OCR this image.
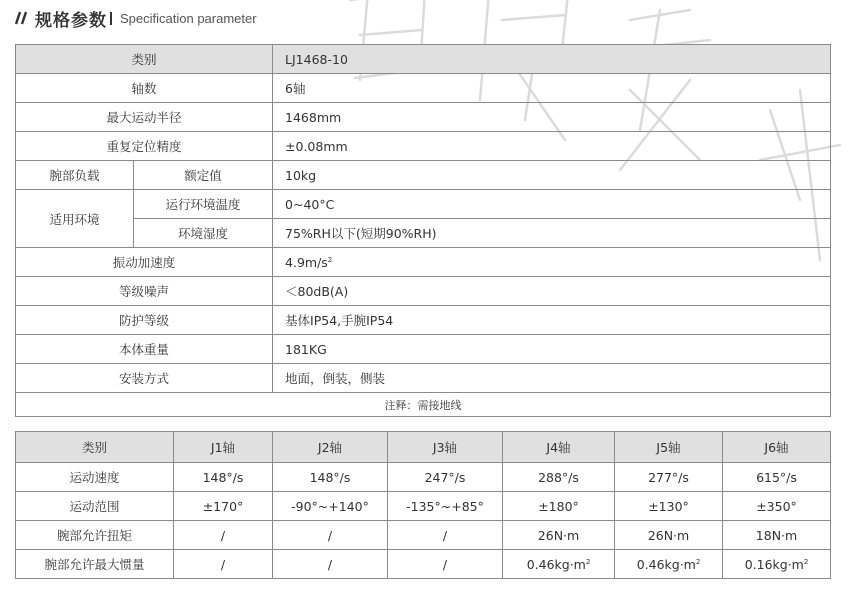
规格参数 Specification parameter
类别		LJ1468-10
轴数		6轴
最大运动半径		1468mm
重复定位精度		±0.08mm
腕部负载	额定值	10kg
适用环境	运行环境温度	0~40°C
	环境湿度	75%RH以下(短期90%RH)
振动加速度		$4.9m/s^2$
等级噪声		＜80dB(A)
防护等级		基体IP54,手腕IP54
本体重量		181KG
安装方式		地面，倒装，侧装
注释：需接地线		
类别	J1轴	J2轴	J3轴	J4轴	J5轴	J6轴
运动速度	148°/s	148°/s	247°/s	288°/s	277°/s	615°/s
运动范围	±170°	-90°~+140°	-135°~+85°	±180°	±130°	±350°
腕部允许扭矩	/	/	/	26N·m	26N·m	18N·m
腕部允许最大惯量	/	/	/	$0.46kg\cdot m^2$	$0.46kg\cdot m^2$	$0.16kg\cdot m^2$
